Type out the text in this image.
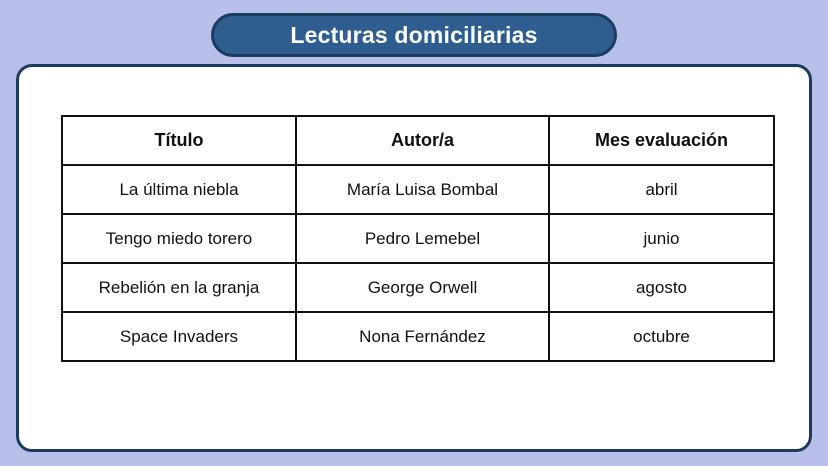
Lecturas domiciliarias
Título	Autor/a	Mes evaluación
La última niebla	María Luisa Bombal	abril
Tengo miedo torero	Pedro Lemebel	junio
Rebelión en la granja	George Orwell	agosto
Space Invaders	Nona Fernández	octubre
